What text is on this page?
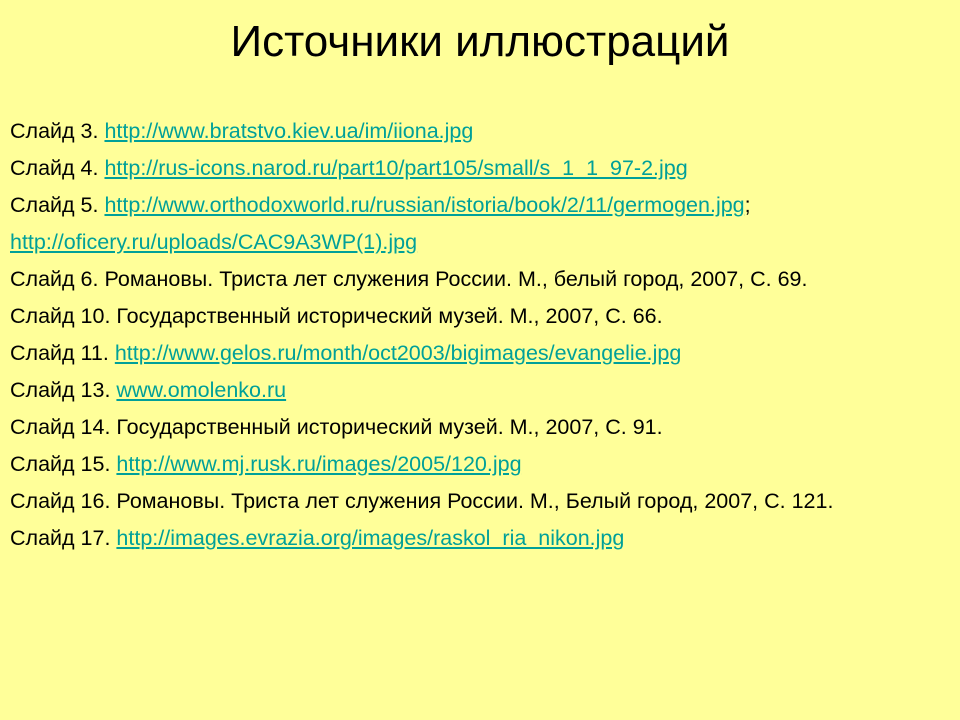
Источники иллюстраций

Слайд 3. http://www.bratstvo.kiev.ua/im/iiona.jpg

Слайд 4. http://rus-icons.narod.ru/part10/part105/small/s_1_1_97-2.jpg

Слайд 5. http://www.orthodoxworld.ru/russian/istoria/book/2/11/germogen.jpg;

http://oficery.ru/uploads/CAC9A3WP(1).jpg

Слайд 6. Романовы. Триста лет служения России. М., белый город, 2007, С. 69.

Слайд 10. Государственный исторический музей. М., 2007, С. 66.

Слайд 11. http://www.gelos.ru/month/oct2003/bigimages/evangelie.jpg

Слайд 13. www.omolenko.ru

Слайд 14. Государственный исторический музей. М., 2007, С. 91.

Слайд 15. http://www.mj.rusk.ru/images/2005/120.jpg

Слайд 16. Романовы. Триста лет служения России. М., Белый город, 2007, С. 121.

Слайд 17. http://images.evrazia.org/images/raskol_ria_nikon.jpg
